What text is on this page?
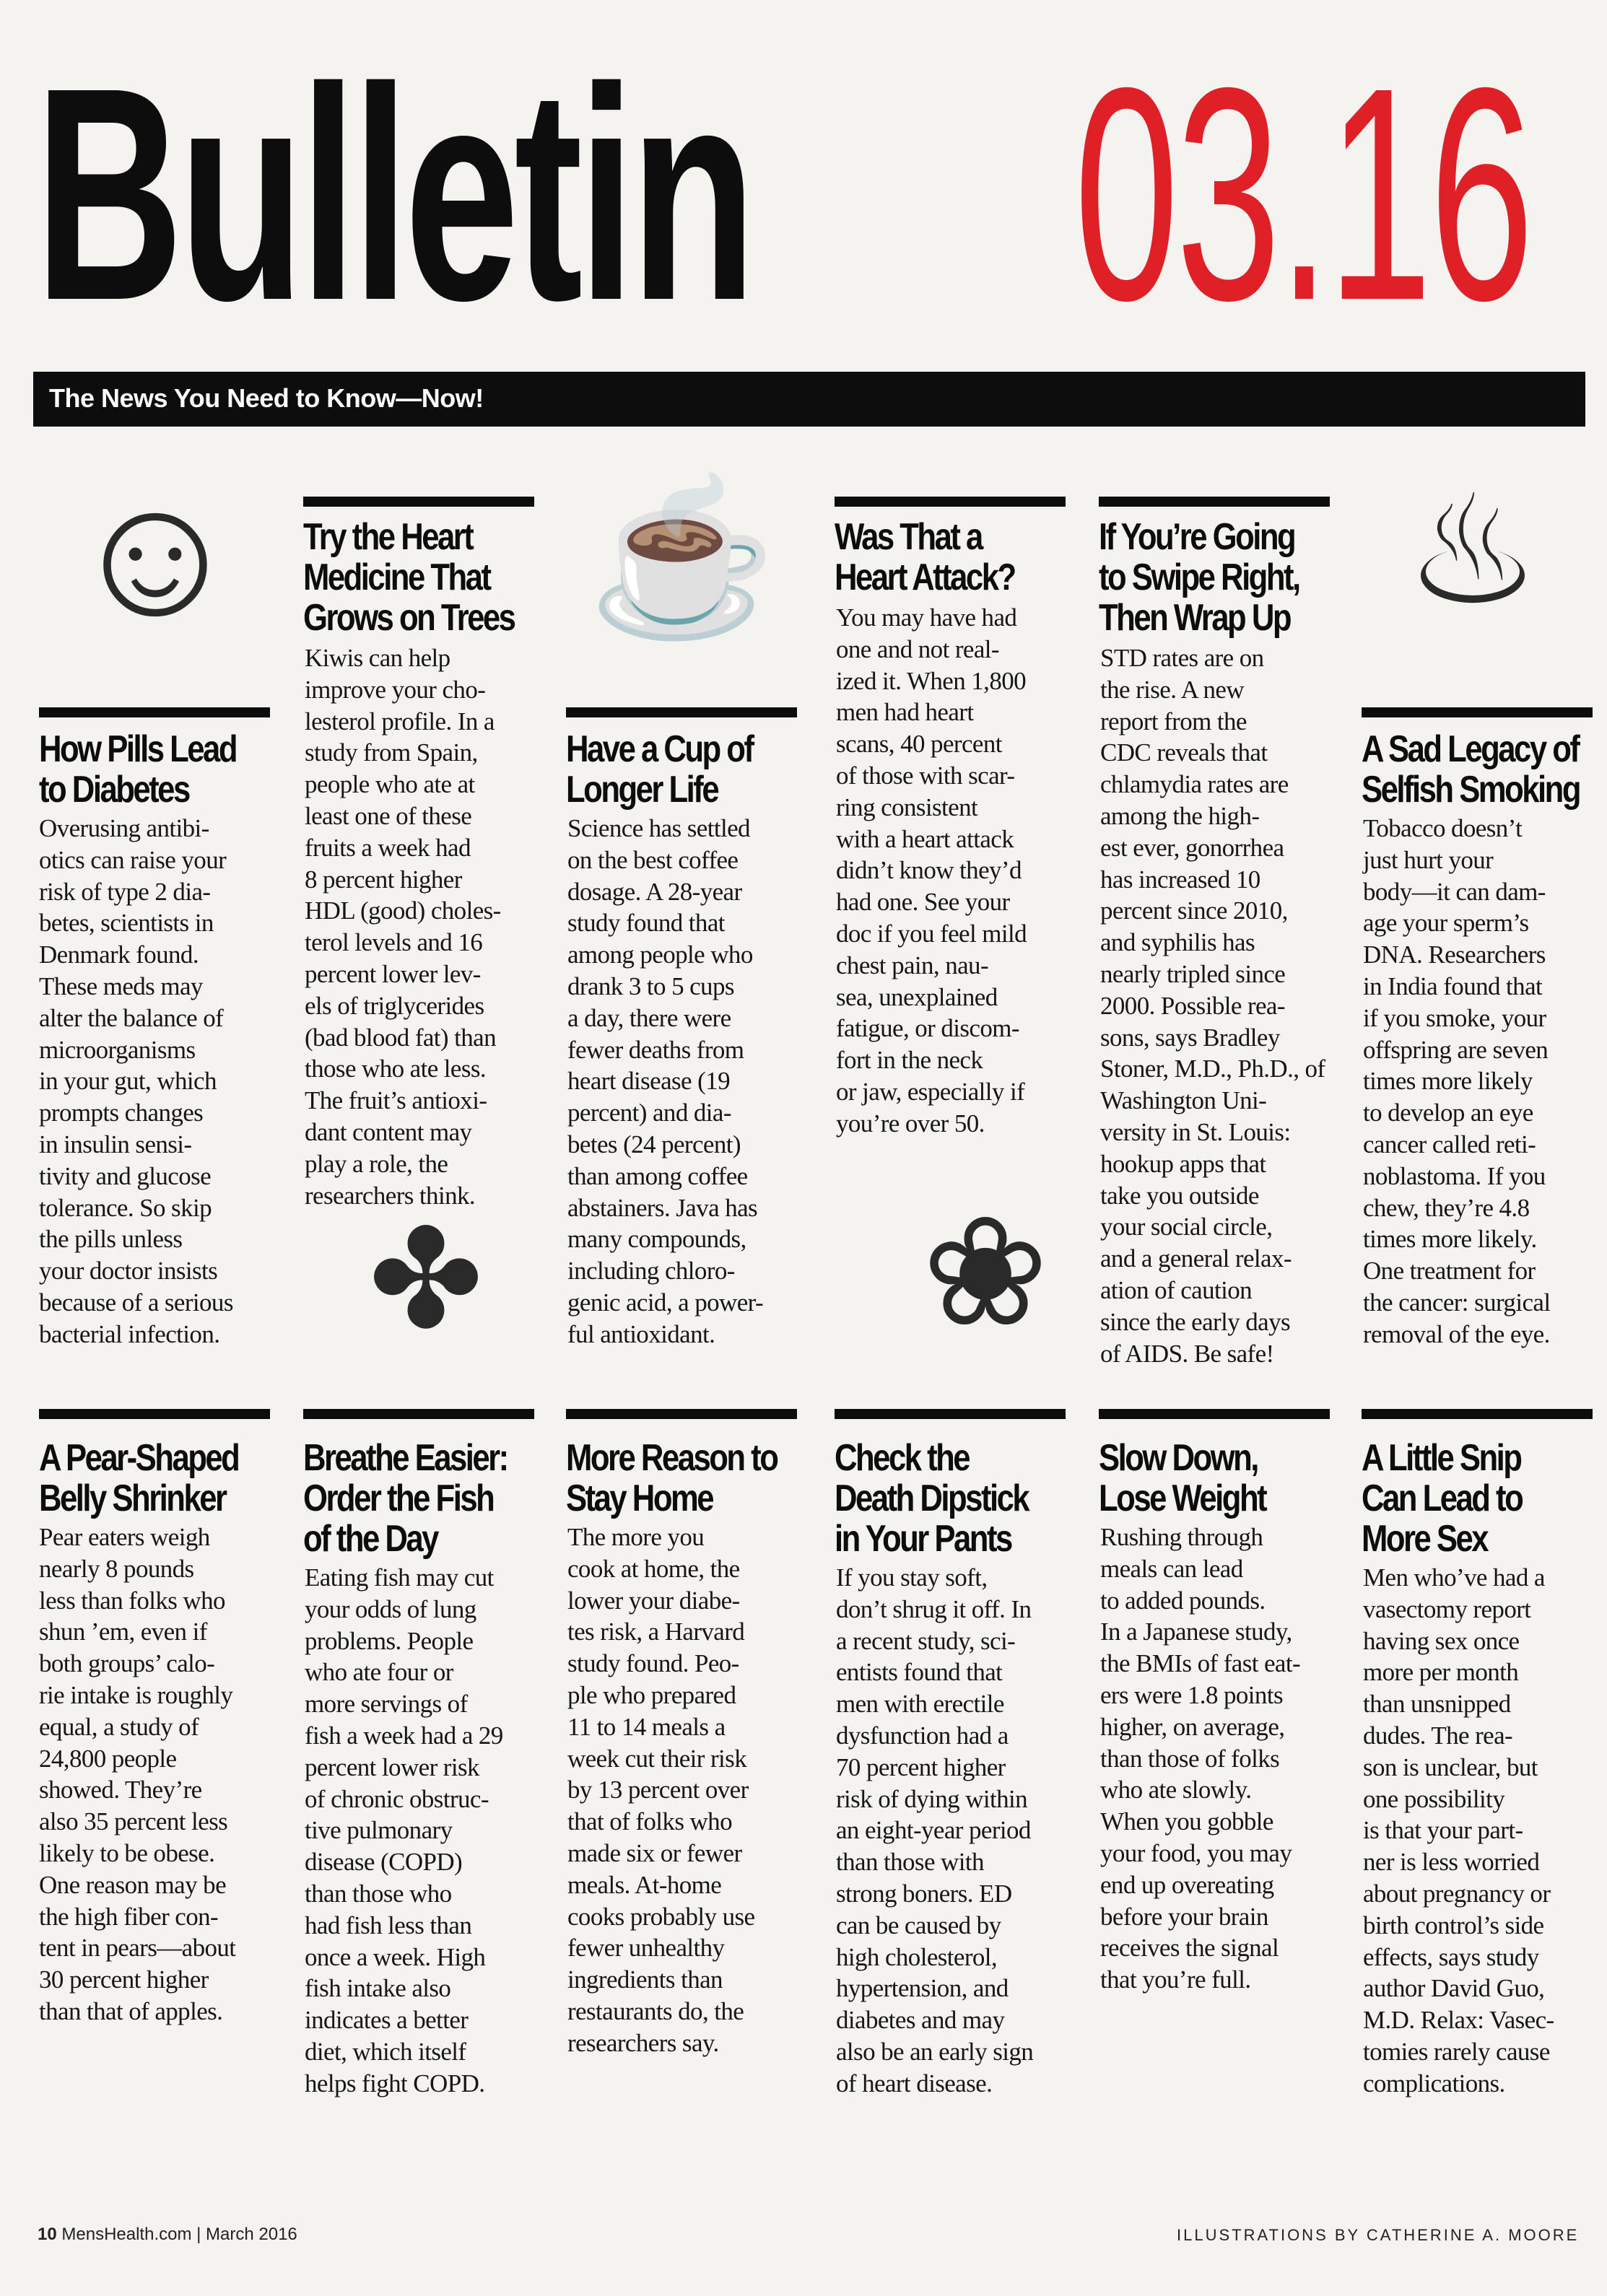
Bulletin 03.16
The News You Need to Know—Now!
☺ ☕	♨
✤	❀
How Pills Lead
to Diabetes
Overusing antibi-
otics can raise your
risk of type 2 dia-
betes, scientists in
Denmark found.
These meds may
alter the balance of
microorganisms
in your gut, which
prompts changes
in insulin sensi-
tivity and glucose
tolerance. So skip
the pills unless
your doctor insists
because of a serious
bacterial infection.
Try the Heart
Medicine That
Grows on Trees
Kiwis can help
improve your cho-
lesterol profile. In a
study from Spain,
people who ate at
least one of these
fruits a week had
8 percent higher
HDL (good) choles-
terol levels and 16
percent lower lev-
els of triglycerides
(bad blood fat) than
those who ate less.
The fruit’s antioxi-
dant content may
play a role, the
researchers think.
Have a Cup of
Longer Life
Science has settled
on the best coffee
dosage. A 28-year
study found that
among people who
drank 3 to 5 cups
a day, there were
fewer deaths from
heart disease (19
percent) and dia-
betes (24 percent)
than among coffee
abstainers. Java has
many compounds,
including chloro-
genic acid, a power-
ful antioxidant.
Was That a
Heart Attack?
You may have had
one and not real-
ized it. When 1,800
men had heart
scans, 40 percent
of those with scar-
ring consistent
with a heart attack
didn’t know they’d
had one. See your
doc if you feel mild
chest pain, nau-
sea, unexplained
fatigue, or discom-
fort in the neck
or jaw, especially if
you’re over 50.
If You’re Going
to Swipe Right,
Then Wrap Up
STD rates are on
the rise. A new
report from the
CDC reveals that
chlamydia rates are
among the high-
est ever, gonorrhea
has increased 10
percent since 2010,
and syphilis has
nearly tripled since
2000. Possible rea-
sons, says Bradley
Stoner, M.D., Ph.D., of
Washington Uni-
versity in St. Louis:
hookup apps that
take you outside
your social circle,
and a general relax-
ation of caution
since the early days
of AIDS. Be safe!
A Sad Legacy of
Selfish Smoking
Tobacco doesn’t
just hurt your
body—it can dam-
age your sperm’s
DNA. Researchers
in India found that
if you smoke, your
offspring are seven
times more likely
to develop an eye
cancer called reti-
noblastoma. If you
chew, they’re 4.8
times more likely.
One treatment for
the cancer: surgical
removal of the eye.
A Pear-Shaped
Belly Shrinker
Pear eaters weigh
nearly 8 pounds
less than folks who
shun ’em, even if
both groups’ calo-
rie intake is roughly
equal, a study of
24,800 people
showed. They’re
also 35 percent less
likely to be obese.
One reason may be
the high fiber con-
tent in pears—about
30 percent higher
than that of apples.
Breathe Easier:
Order the Fish
of the Day
Eating fish may cut
your odds of lung
problems. People
who ate four or
more servings of
fish a week had a 29
percent lower risk
of chronic obstruc-
tive pulmonary
disease (COPD)
than those who
had fish less than
once a week. High
fish intake also
indicates a better
diet, which itself
helps fight COPD.
More Reason to
Stay Home
The more you
cook at home, the
lower your diabe-
tes risk, a Harvard
study found. Peo-
ple who prepared
11 to 14 meals a
week cut their risk
by 13 percent over
that of folks who
made six or fewer
meals. At-home
cooks probably use
fewer unhealthy
ingredients than
restaurants do, the
researchers say.
Check the
Death Dipstick
in Your Pants
If you stay soft,
don’t shrug it off. In
a recent study, sci-
entists found that
men with erectile
dysfunction had a
70 percent higher
risk of dying within
an eight-year period
than those with
strong boners. ED
can be caused by
high cholesterol,
hypertension, and
diabetes and may
also be an early sign
of heart disease.
Slow Down,
Lose Weight
Rushing through
meals can lead
to added pounds.
In a Japanese study,
the BMIs of fast eat-
ers were 1.8 points
higher, on average,
than those of folks
who ate slowly.
When you gobble
your food, you may
end up overeating
before your brain
receives the signal
that you’re full.
A Little Snip
Can Lead to
More Sex
Men who’ve had a
vasectomy report
having sex once
more per month
than unsnipped
dudes. The rea-
son is unclear, but
one possibility
is that your part-
ner is less worried
about pregnancy or
birth control’s side
effects, says study
author David Guo,
M.D. Relax: Vasec-
tomies rarely cause
complications.
10 MensHealth.com | March 2016	ILLUSTRATIONS BY CATHERINE A. MOORE
